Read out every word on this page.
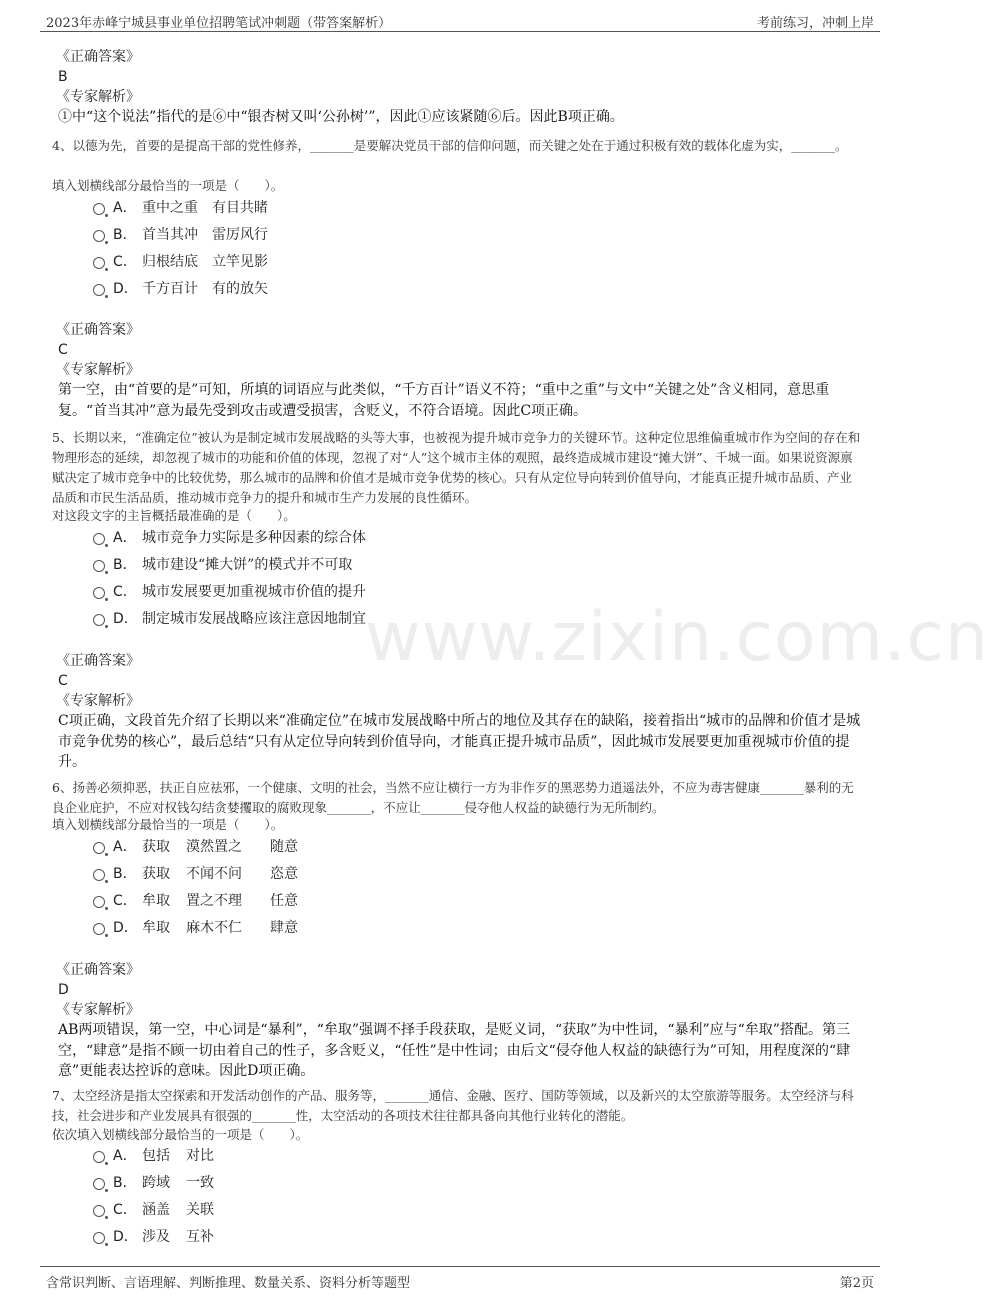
2023年赤峰宁城县事业单位招聘笔试冲刺题（带答案解析）	考前练习，冲刺上岸
www.zixin.com.cn
《正确答案》
B
《专家解析》
①中“这个说法”指代的是⑥中“银杏树又叫‘公孙树’”，因此①应该紧随⑥后。因此B项正确。
4、以德为先，首要的是提高干部的党性修养，_______是要解决党员干部的信仰问题，而关键之处在于通过积极有效的载体化虚为实，_______。
填入划横线部分最恰当的一项是（　　）。
A． 重中之重 有目共睹
B． 首当其冲 雷厉风行
C． 归根结底 立竿见影
D． 千方百计 有的放矢
《正确答案》
C
《专家解析》
第一空，由“首要的是”可知，所填的词语应与此类似，“千方百计”语义不符；“重中之重”与文中“关键之处”含义相同，意思重复。“首当其冲”意为最先受到攻击或遭受损害，含贬义，不符合语境。因此C项正确。
5、长期以来，“准确定位”被认为是制定城市发展战略的头等大事，也被视为提升城市竞争力的关键环节。这种定位思维偏重城市作为空间的存在和物理形态的延续，却忽视了城市的功能和价值的体现，忽视了对“人”这个城市主体的观照，最终造成城市建设“摊大饼”、千城一面。如果说资源禀赋决定了城市竞争中的比较优势，那么城市的品牌和价值才是城市竞争优势的核心。只有从定位导向转到价值导向，才能真正提升城市品质、产业品质和市民生活品质，推动城市竞争力的提升和城市生产力发展的良性循环。
对这段文字的主旨概括最准确的是（　　）。
A． 城市竞争力实际是多种因素的综合体
B． 城市建设“摊大饼”的模式并不可取
C． 城市发展要更加重视城市价值的提升
D． 制定城市发展战略应该注意因地制宜
《正确答案》
C
《专家解析》
C项正确，文段首先介绍了长期以来“准确定位”在城市发展战略中所占的地位及其存在的缺陷，接着指出“城市的品牌和价值才是城市竞争优势的核心”，最后总结“只有从定位导向转到价值导向，才能真正提升城市品质”，因此城市发展要更加重视城市价值的提升。
6、扬善必须抑恶，扶正自应祛邪，一个健康、文明的社会，当然不应让横行一方为非作歹的黑恶势力逍遥法外，不应为毒害健康_______暴利的无良企业庇护，不应对权钱勾结贪婪攫取的腐败现象_______，不应让_______侵夺他人权益的缺德行为无所制约。
填入划横线部分最恰当的一项是（　　）。
A． 获取 漠然置之　　随意
B． 获取 不闻不问　　恣意
C． 牟取 置之不理　　任意
D． 牟取 麻木不仁　　肆意
《正确答案》
D
《专家解析》
AB两项错误，第一空，中心词是“暴利”，“牟取”强调不择手段获取，是贬义词，“获取”为中性词，“暴利”应与“牟取”搭配。第三空，“肆意”是指不顾一切由着自己的性子，多含贬义，“任性”是中性词；由后文“侵夺他人权益的缺德行为”可知，用程度深的“肆意”更能表达控诉的意味。因此D项正确。
7、太空经济是指太空探索和开发活动创作的产品、服务等，_______通信、金融、医疗、国防等领域，以及新兴的太空旅游等服务。太空经济与科技，社会进步和产业发展具有很强的_______性，太空活动的各项技术往往都具备向其他行业转化的潜能。
依次填入划横线部分最恰当的一项是（　　）。
A． 包括 对比
B． 跨域 一致
C． 涵盖 关联
D． 涉及 互补
含常识判断、言语理解、判断推理、数量关系、资料分析等题型	第2页
